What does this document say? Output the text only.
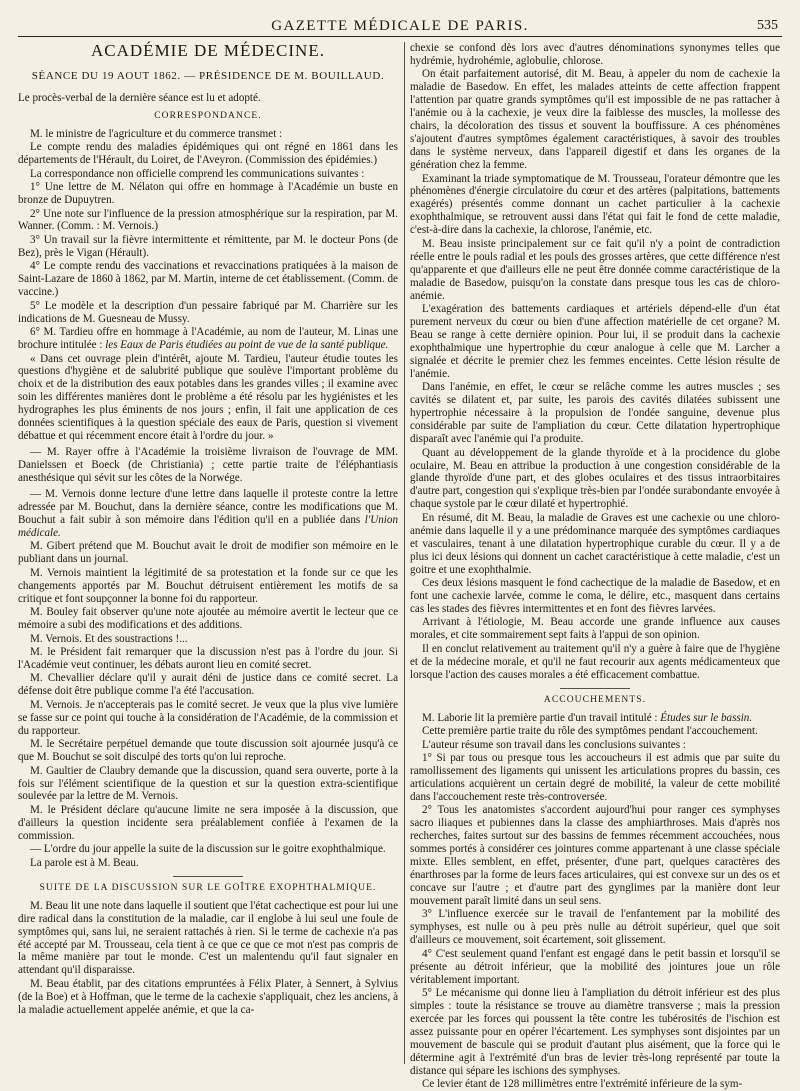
GAZETTE MÉDICALE DE PARIS.	535
ACADÉMIE DE MÉDECINE.
SÉANCE DU 19 AOUT 1862. — PRÉSIDENCE DE M. BOUILLAUD.

Le procès-verbal de la dernière séance est lu et adopté.

CORRESPONDANCE.

M. le ministre de l'agriculture et du commerce transmet :

Le compte rendu des maladies épidémiques qui ont régné en 1861 dans les départements de l'Hérault, du Loiret, de l'Aveyron. (Commission des épidémies.)

La correspondance non officielle comprend les communications suivantes :

1° Une lettre de M. Nélaton qui offre en hommage à l'Académie un buste en bronze de Dupuytren.

2° Une note sur l'influence de la pression atmosphérique sur la respiration, par M. Wanner. (Comm. : M. Vernois.)

3° Un travail sur la fièvre intermittente et rémittente, par M. le docteur Pons (de Bez), près le Vigan (Hérault).

4° Le compte rendu des vaccinations et revaccinations pratiquées à la maison de Saint-Lazare de 1860 à 1862, par M. Martin, interne de cet établissement. (Comm. de vaccine.)

5° Le modèle et la description d'un pessaire fabriqué par M. Charrière sur les indications de M. Guesneau de Mussy.

6° M. Tardieu offre en hommage à l'Académie, au nom de l'auteur, M. Linas une brochure intitulée : les Eaux de Paris étudiées au point de vue de la santé publique.

« Dans cet ouvrage plein d'intérêt, ajoute M. Tardieu, l'auteur étudie toutes les questions d'hygiène et de salubrité publique que soulève l'important problème du choix et de la distribution des eaux potables dans les grandes villes ; il examine avec soin les différentes manières dont le problème a été résolu par les hygiénistes et les hydrographes les plus éminents de nos jours ; enfin, il fait une application de ces données scientifiques à la question spéciale des eaux de Paris, question si vivement débattue et qui récemment encore était à l'ordre du jour. »

— M. Rayer offre à l'Académie la troisième livraison de l'ouvrage de MM. Danielssen et Boeck (de Christiania) ; cette partie traite de l'éléphantiasis anesthésique qui sévit sur les côtes de la Norwége.

— M. Vernois donne lecture d'une lettre dans laquelle il proteste contre la lettre adressée par M. Bouchut, dans la dernière séance, contre les modifications que M. Bouchut a fait subir à son mémoire dans l'édition qu'il en a publiée dans l'Union médicale.

M. Gibert prétend que M. Bouchut avait le droit de modifier son mémoire en le publiant dans un journal.

M. Vernois maintient la légitimité de sa protestation et la fonde sur ce que les changements apportés par M. Bouchut détruisent entièrement les motifs de sa critique et font soupçonner la bonne foi du rapporteur.

M. Bouley fait observer qu'une note ajoutée au mémoire avertit le lecteur que ce mémoire a subi des modifications et des additions.

M. Vernois. Et des soustractions !...

M. le Président fait remarquer que la discussion n'est pas à l'ordre du jour. Si l'Académie veut continuer, les débats auront lieu en comité secret.

M. Chevallier déclare qu'il y aurait déni de justice dans ce comité secret. La défense doit être publique comme l'a été l'accusation.

M. Vernois. Je n'accepterais pas le comité secret. Je veux que la plus vive lumière se fasse sur ce point qui touche à la considération de l'Académie, de la commission et du rapporteur.

M. le Secrétaire perpétuel demande que toute discussion soit ajournée jusqu'à ce que M. Bouchut se soit disculpé des torts qu'on lui reproche.

M. Gaultier de Claubry demande que la discussion, quand sera ouverte, porte à la fois sur l'élément scientifique de la question et sur la question extra-scientifique soulevée par la lettre de M. Vernois.

M. le Président déclare qu'aucune limite ne sera imposée à la discussion, que d'ailleurs la question incidente sera préalablement confiée à l'examen de la commission.

— L'ordre du jour appelle la suite de la discussion sur le goitre exophthalmique.

La parole est à M. Beau.

SUITE DE LA DISCUSSION SUR LE GOÎTRE EXOPHTHALMIQUE.

M. Beau lit une note dans laquelle il soutient que l'état cachectique est pour lui une dire radical dans la constitution de la maladie, car il englobe à lui seul une foule de symptômes qui, sans lui, ne seraient rattachés à rien. Si le terme de cachexie n'a pas été accepté par M. Trousseau, cela tient à ce que ce que ce mot n'est pas compris de la même manière par tout le monde. C'est un malentendu qu'il faut signaler en attendant qu'il disparaisse.

M. Beau établit, par des citations empruntées à Félix Plater, à Sennert, à Sylvius (de la Boe) et à Hoffman, que le terme de la cachexie s'appliquait, chez les anciens, à la maladie actuellement appelée anémie, et que la ca-

chexie se confond dès lors avec d'autres dénominations synonymes telles que hydrémie, hydrohémie, aglobulie, chlorose.

On était parfaitement autorisé, dit M. Beau, à appeler du nom de cachexie la maladie de Basedow. En effet, les malades atteints de cette affection frappent l'attention par quatre grands symptômes qu'il est impossible de ne pas rattacher à l'anémie ou à la cachexie, je veux dire la faiblesse des muscles, la mollesse des chairs, la décoloration des tissus et souvent la bouffissure. A ces phénomènes s'ajoutent d'autres symptômes également caractéristiques, à savoir des troubles dans le système nerveux, dans l'appareil digestif et dans les organes de la génération chez la femme.

Examinant la triade symptomatique de M. Trousseau, l'orateur démontre que les phénomènes d'énergie circulatoire du cœur et des artères (palpitations, battements exagérés) présentés comme donnant un cachet particulier à la cachexie exophthalmique, se retrouvent aussi dans l'état qui fait le fond de cette maladie, c'est-à-dire dans la cachexie, la chlorose, l'anémie, etc.

M. Beau insiste principalement sur ce fait qu'il n'y a point de contradiction réelle entre le pouls radial et les pouls des grosses artères, que cette différence n'est qu'apparente et que d'ailleurs elle ne peut être donnée comme caractéristique de la maladie de Basedow, puisqu'on la constate dans presque tous les cas de chloro-anémie.

L'exagération des battements cardiaques et artériels dépend-elle d'un état purement nerveux du cœur ou bien d'une affection matérielle de cet organe? M. Beau se range à cette dernière opinion. Pour lui, il se produit dans la cachexie exophthalmique une hypertrophie du cœur analogue à celle que M. Larcher a signalée et décrite le premier chez les femmes enceintes. Cette lésion résulte de l'anémie.

Dans l'anémie, en effet, le cœur se relâche comme les autres muscles ; ses cavités se dilatent et, par suite, les parois des cavités dilatées subissent une hypertrophie nécessaire à la propulsion de l'ondée sanguine, devenue plus considérable par suite de l'ampliation du cœur. Cette dilatation hypertrophique disparaît avec l'anémie qui l'a produite.

Quant au développement de la glande thyroïde et à la procidence du globe oculaire, M. Beau en attribue la production à une congestion considérable de la glande thyroïde d'une part, et des globes oculaires et des tissus intraorbitaires d'autre part, congestion qui s'explique très-bien par l'ondée surabondante envoyée à chaque systole par le cœur dilaté et hypertrophié.

En résumé, dit M. Beau, la maladie de Graves est une cachexie ou une chloro-anémie dans laquelle il y a une prédominance marquée des symptômes cardiaques et vasculaires, tenant à une dilatation hypertrophique curable du cœur. Il y a de plus ici deux lésions qui donnent un cachet caractéristique à cette maladie, c'est un goitre et une exophthalmie.

Ces deux lésions masquent le fond cachectique de la maladie de Basedow, et en font une cachexie larvée, comme le coma, le délire, etc., masquent dans certains cas les stades des fièvres intermittentes et en font des fièvres larvées.

Arrivant à l'étiologie, M. Beau accorde une grande influence aux causes morales, et cite sommairement sept faits à l'appui de son opinion.

Il en conclut relativement au traitement qu'il n'y a guère à faire que de l'hygiène et de la médecine morale, et qu'il ne faut recourir aux agents médicamenteux que lorsque l'action des causes morales a été efficacement combattue.

ACCOUCHEMENTS.

M. Laborie lit la première partie d'un travail intitulé : Études sur le bassin.

Cette première partie traite du rôle des symptômes pendant l'accouchement.

L'auteur résume son travail dans les conclusions suivantes :

1° Si par tous ou presque tous les accoucheurs il est admis que par suite du ramollissement des ligaments qui unissent les articulations propres du bassin, ces articulations acquièrent un certain degré de mobilité, la valeur de cette mobilité dans l'accouchement reste très-controversée.

2° Tous les anatomistes s'accordent aujourd'hui pour ranger ces symphyses sacro iliaques et pubiennes dans la classe des amphiarthroses. Mais d'après nos recherches, faites surtout sur des bassins de femmes récemment accouchées, nous sommes portés à considérer ces jointures comme appartenant à une classe spéciale mixte. Elles semblent, en effet, présenter, d'une part, quelques caractères des énarthroses par la forme de leurs faces articulaires, qui est convexe sur un des os et concave sur l'autre ; et d'autre part des gynglimes par la manière dont leur mouvement paraît limité dans un seul sens.

3° L'influence exercée sur le travail de l'enfantement par la mobilité des symphyses, est nulle ou à peu près nulle au détroit supérieur, quel que soit d'ailleurs ce mouvement, soit écartement, soit glissement.

4° C'est seulement quand l'enfant est engagé dans le petit bassin et lorsqu'il se présente au détroit inférieur, que la mobilité des jointures joue un rôle véritablement important.

5° Le mécanisme qui donne lieu à l'ampliation du détroit inférieur est des plus simples : toute la résistance se trouve au diamètre transverse ; mais la pression exercée par les forces qui poussent la tête contre les tubérosités de l'ischion est assez puissante pour en opérer l'écartement. Les symphyses sont disjointes par un mouvement de bascule qui se produit d'autant plus aisément, que la force qui le détermine agit à l'extrémité d'un bras de levier très-long représenté par toute la distance qui sépare les ischions des symphyses.

Ce levier étant de 128 millimètres entre l'extrémité inférieure de la sym-
